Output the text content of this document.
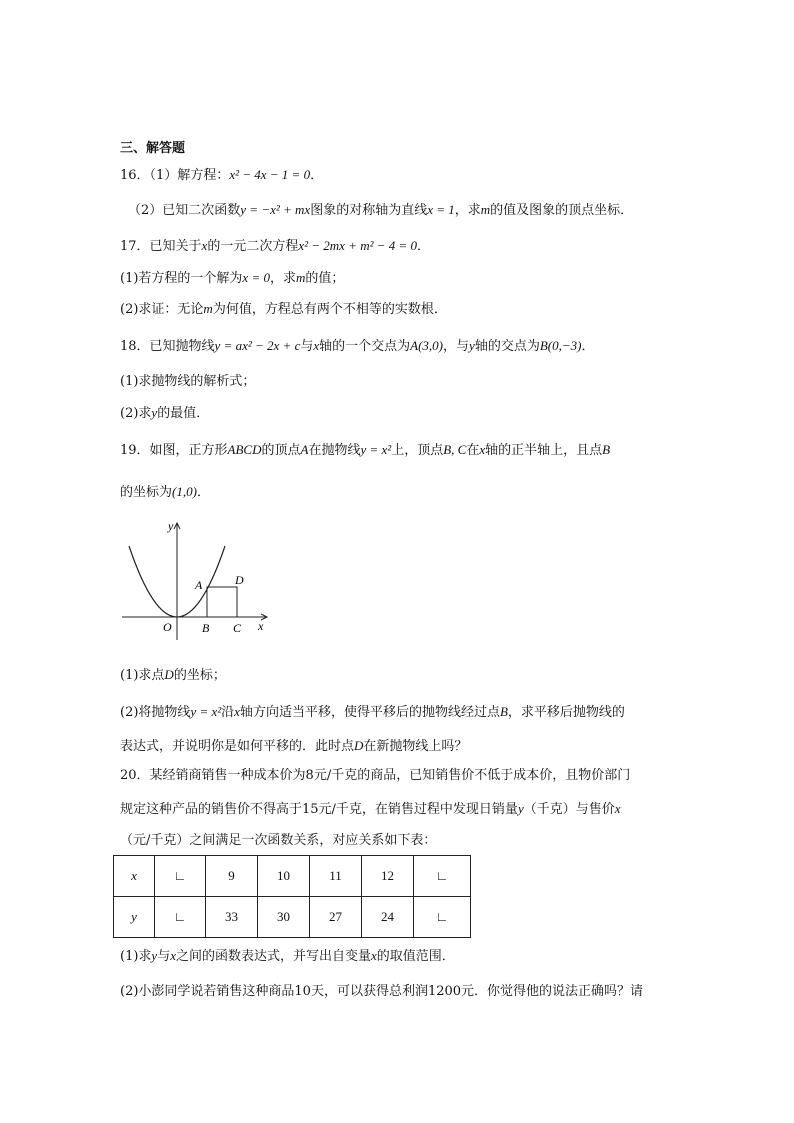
三、解答题
16．（1）解方程：x² − 4x − 1 = 0．
（2）已知二次函数y = −x² + mx图象的对称轴为直线x = 1，求m的值及图象的顶点坐标．
17．已知关于x的一元二次方程x² − 2mx + m² − 4 = 0．
(1)若方程的一个解为x = 0，求m的值；
(2)求证：无论m为何值，方程总有两个不相等的实数根．
18．已知抛物线y = ax² − 2x + c与x轴的一个交点为A(3,0)，与y轴的交点为B(0,−3)．
(1)求抛物线的解析式；
(2)求y的最值．
19．如图，正方形ABCD的顶点A在抛物线y = x²上，顶点B, C在x轴的正半轴上，且点B
的坐标为(1,0)．
y
x
O
A
B C
D
(1)求点D的坐标；
(2)将抛物线y = x²沿x轴方向适当平移，使得平移后的抛物线经过点B，求平移后抛物线的
表达式，并说明你是如何平移的．此时点D在新抛物线上吗？
20．某经销商销售一种成本价为8元/千克的商品，已知销售价不低于成本价，且物价部门
规定这种产品的销售价不得高于15元/千克，在销售过程中发现日销量y（千克）与售价x
（元/千克）之间满足一次函数关系，对应关系如下表：
x	∟	9	10	11	12	∟
y	∟	33	30	27	24	∟
(1)求y与x之间的函数表达式，并写出自变量x的取值范围．
(2)小澎同学说若销售这种商品10天，可以获得总利润1200元．你觉得他的说法正确吗？请
